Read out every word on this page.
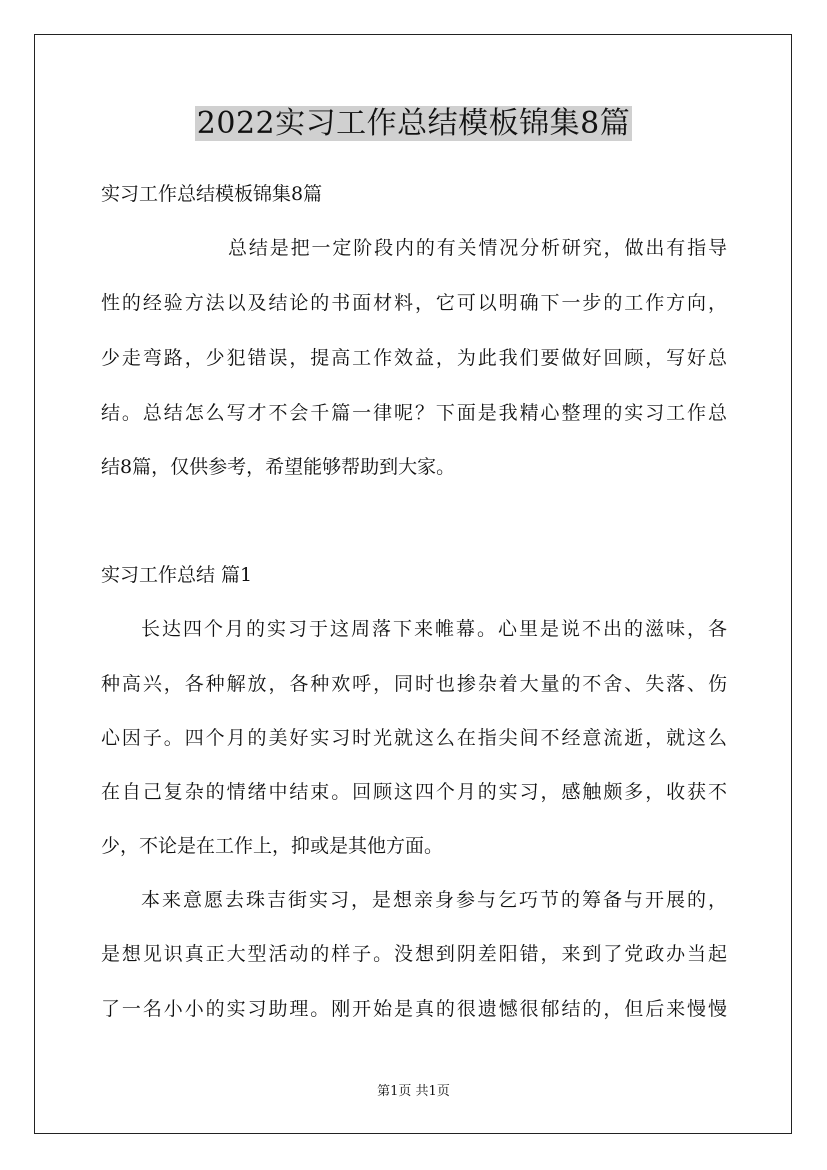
2022实习工作总结模板锦集8篇

实习工作总结模板锦集8篇

总结是把一定阶段内的有关情况分析研究，做出有指导

性的经验方法以及结论的书面材料，它可以明确下一步的工作方向，

少走弯路，少犯错误，提高工作效益，为此我们要做好回顾，写好总

结。总结怎么写才不会千篇一律呢？下面是我精心整理的实习工作总

结8篇，仅供参考，希望能够帮助到大家。

实习工作总结 篇1

长达四个月的实习于这周落下来帷幕。心里是说不出的滋味，各

种高兴，各种解放，各种欢呼，同时也掺杂着大量的不舍、失落、伤

心因子。四个月的美好实习时光就这么在指尖间不经意流逝，就这么

在自己复杂的情绪中结束。回顾这四个月的实习，感触颇多，收获不

少，不论是在工作上，抑或是其他方面。

本来意愿去珠吉街实习，是想亲身参与乞巧节的筹备与开展的，

是想见识真正大型活动的样子。没想到阴差阳错，来到了党政办当起

了一名小小的实习助理。刚开始是真的很遗憾很郁结的，但后来慢慢

第1页 共1页
